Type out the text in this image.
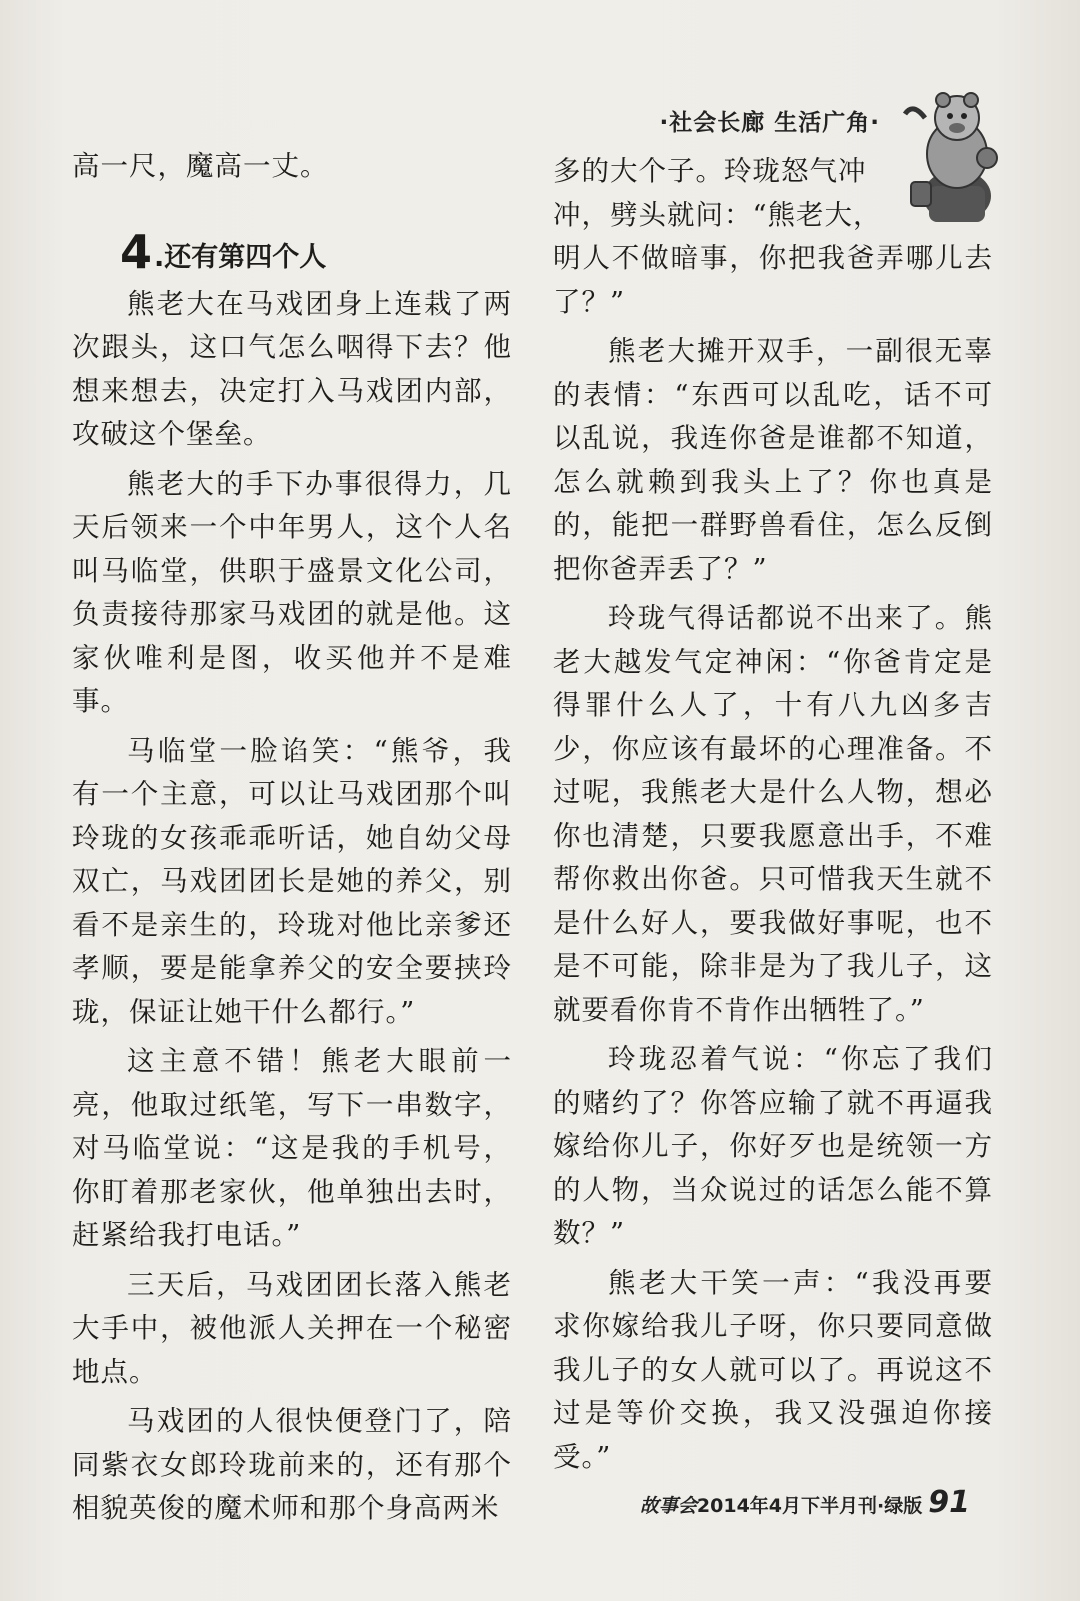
·社会长廊 生活广角·

高一尺，魔高一丈。

4 .还有第四个人

熊老大在马戏团身上连栽了两次跟头，这口气怎么咽得下去？他想来想去，决定打入马戏团内部，攻破这个堡垒。

熊老大的手下办事很得力，几天后领来一个中年男人，这个人名叫马临堂，供职于盛景文化公司，负责接待那家马戏团的就是他。这家伙唯利是图，收买他并不是难事。

马临堂一脸谄笑：“熊爷，我有一个主意，可以让马戏团那个叫玲珑的女孩乖乖听话，她自幼父母双亡，马戏团团长是她的养父，别看不是亲生的，玲珑对他比亲爹还孝顺，要是能拿养父的安全要挟玲珑，保证让她干什么都行。”

这主意不错！熊老大眼前一亮，他取过纸笔，写下一串数字，对马临堂说：“这是我的手机号，你盯着那老家伙，他单独出去时，赶紧给我打电话。”

三天后，马戏团团长落入熊老大手中，被他派人关押在一个秘密地点。

马戏团的人很快便登门了，陪同紫衣女郎玲珑前来的，还有那个相貌英俊的魔术师和那个身高两米

多的大个子。玲珑怒气冲

冲，劈头就问：“熊老大，

明人不做暗事，你把我爸弄哪儿去了？”

熊老大摊开双手，一副很无辜的表情：“东西可以乱吃，话不可以乱说，我连你爸是谁都不知道，怎么就赖到我头上了？你也真是的，能把一群野兽看住，怎么反倒把你爸弄丢了？”

玲珑气得话都说不出来了。熊老大越发气定神闲：“你爸肯定是得罪什么人了，十有八九凶多吉少，你应该有最坏的心理准备。不过呢，我熊老大是什么人物，想必你也清楚，只要我愿意出手，不难帮你救出你爸。只可惜我天生就不是什么好人，要我做好事呢，也不是不可能，除非是为了我儿子，这就要看你肯不肯作出牺牲了。”

玲珑忍着气说：“你忘了我们的赌约了？你答应输了就不再逼我嫁给你儿子，你好歹也是统领一方的人物，当众说过的话怎么能不算数？”

熊老大干笑一声：“我没再要求你嫁给我儿子呀，你只要同意做我儿子的女人就可以了。再说这不过是等价交换，我又没强迫你接受。”

故事会2014年4月下半月刊·绿版 91
